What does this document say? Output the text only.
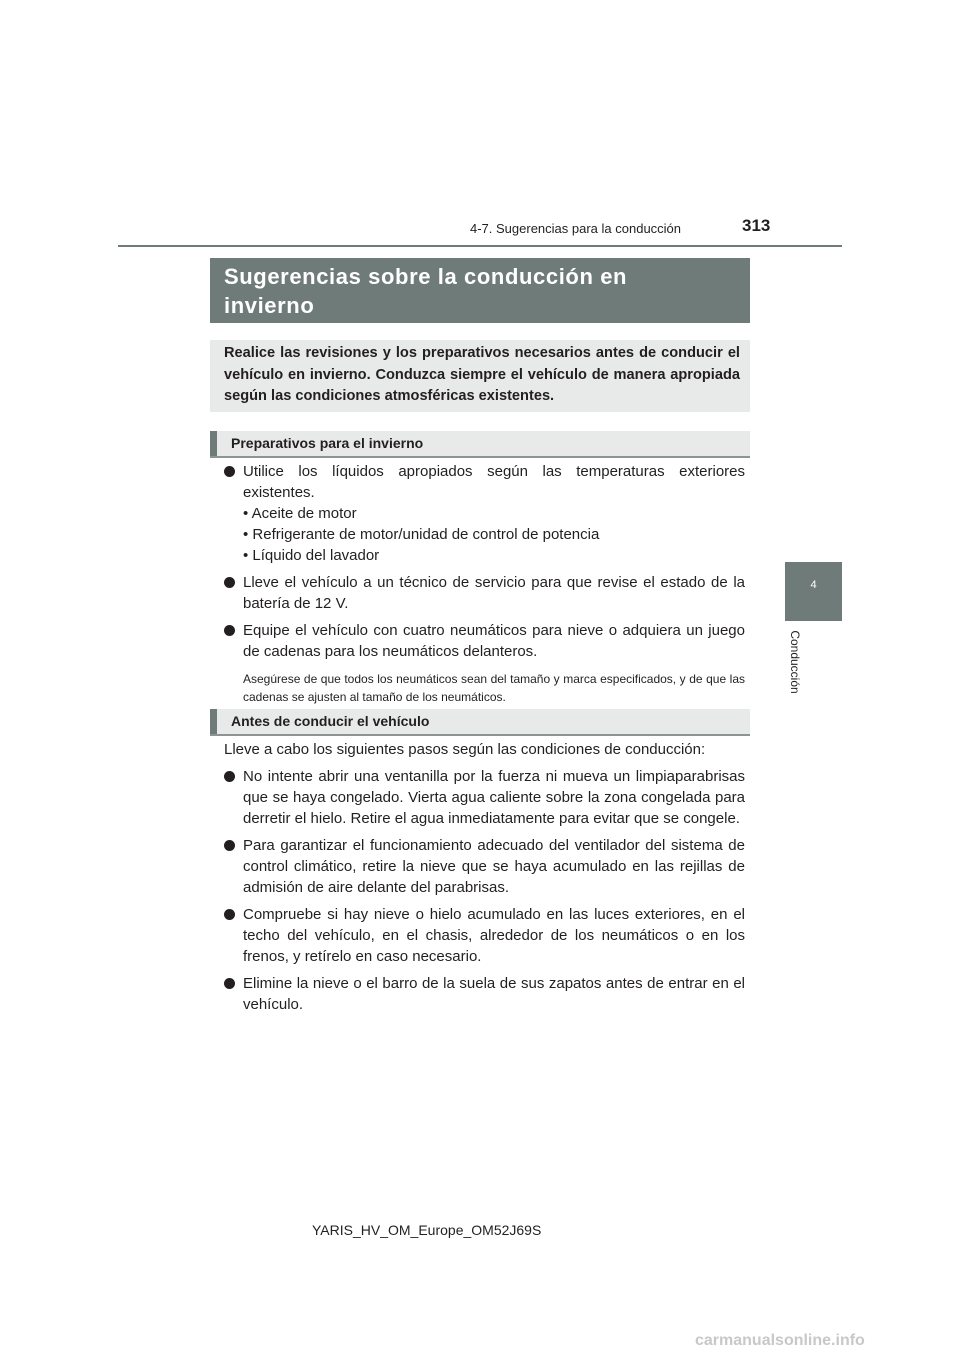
4-7. Sugerencias para la conducción	313
4
Conducción
Sugerencias sobre la conducción en
invierno
Realice las revisiones y los preparativos necesarios antes de conducir el vehículo en invierno. Conduzca siempre el vehículo de manera apropiada según las condiciones atmosféricas existentes.
Preparativos para el invierno
Utilice los líquidos apropiados según las temperaturas exteriores existentes.
• Aceite de motor
• Refrigerante de motor/unidad de control de potencia
• Líquido del lavador
Lleve el vehículo a un técnico de servicio para que revise el estado de la batería de 12 V.
Equipe el vehículo con cuatro neumáticos para nieve o adquiera un juego de cadenas para los neumáticos delanteros.
Asegúrese de que todos los neumáticos sean del tamaño y marca especificados, y de que las cadenas se ajusten al tamaño de los neumáticos.
Antes de conducir el vehículo
Lleve a cabo los siguientes pasos según las condiciones de conducción:
No intente abrir una ventanilla por la fuerza ni mueva un limpiaparabrisas que se haya congelado. Vierta agua caliente sobre la zona congelada para derretir el hielo. Retire el agua inmediatamente para evitar que se congele.
Para garantizar el funcionamiento adecuado del ventilador del sistema de control climático, retire la nieve que se haya acumulado en las rejillas de admisión de aire delante del parabrisas.
Compruebe si hay nieve o hielo acumulado en las luces exteriores, en el techo del vehículo, en el chasis, alrededor de los neumáticos o en los frenos, y retírelo en caso necesario.
Elimine la nieve o el barro de la suela de sus zapatos antes de entrar en el vehículo.
YARIS_HV_OM_Europe_OM52J69S
carmanualsonline.info
